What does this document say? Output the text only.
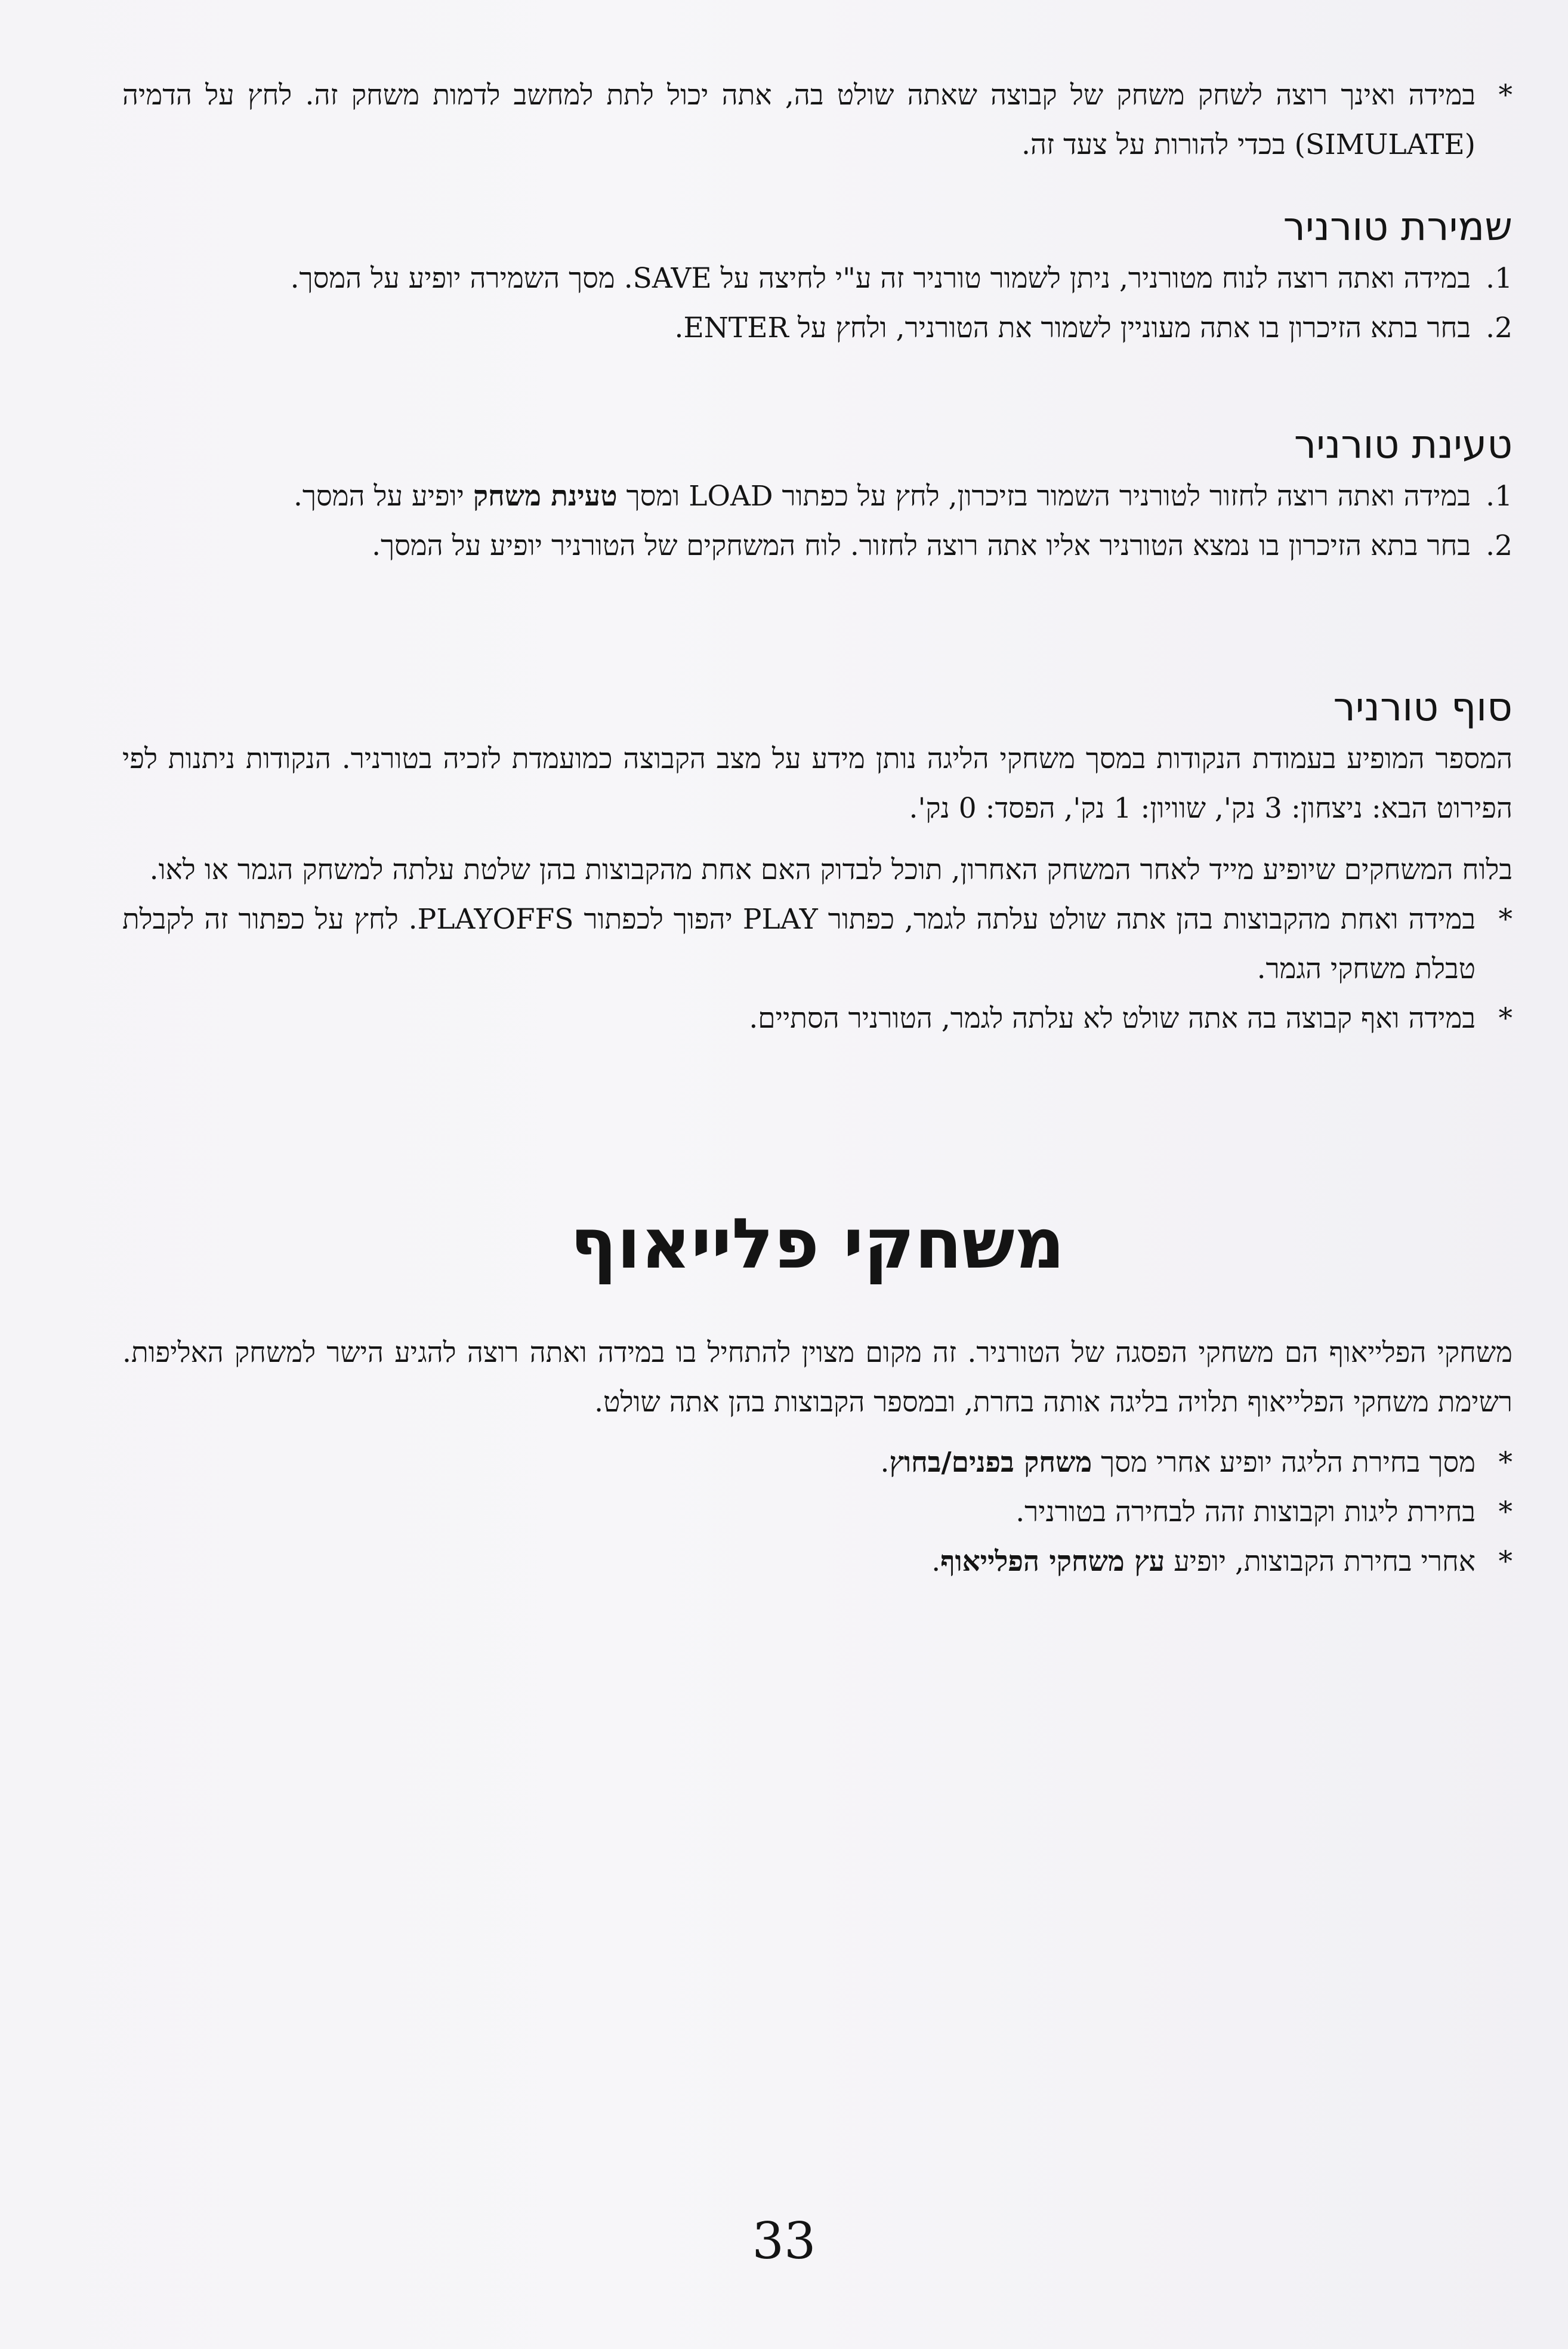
*
במידה ואינך רוצה לשחק משחק של קבוצה שאתה שולט בה, אתה יכול לתת למחשב לדמות משחק זה. לחץ על הדמיה (SIMULATE) בכדי להורות על צעד זה.

שמירת טורניר

1.
במידה ואתה רוצה לנוח מטורניר, ניתן לשמור טורניר זה ע"י לחיצה על SAVE. מסך השמירה יופיע על המסך.

2.
בחר בתא הזיכרון בו אתה מעוניין לשמור את הטורניר, ולחץ על ENTER.

טעינת טורניר

1.
במידה ואתה רוצה לחזור לטורניר השמור בזיכרון, לחץ על כפתור LOAD ומסך טעינת משחק יופיע על המסך.

2.
בחר בתא הזיכרון בו נמצא הטורניר אליו אתה רוצה לחזור. לוח המשחקים של הטורניר יופיע על המסך.

סוף טורניר

המספר המופיע בעמודת הנקודות במסך משחקי הליגה נותן מידע על מצב הקבוצה כמועמדת לזכיה בטורניר. הנקודות ניתנות לפי הפירוט הבא: ניצחון: 3 נק', שוויון: 1 נק', הפסד: 0 נק'.

בלוח המשחקים שיופיע מייד לאחר המשחק האחרון, תוכל לבדוק האם אחת מהקבוצות בהן שלטת עלתה למשחק הגמר או לאו.

*
במידה ואחת מהקבוצות בהן אתה שולט עלתה לגמר, כפתור PLAY יהפוך לכפתור PLAYOFFS. לחץ על כפתור זה לקבלת טבלת משחקי הגמר.

*
במידה ואף קבוצה בה אתה שולט לא עלתה לגמר, הטורניר הסתיים.

משחקי פלייאוף

משחקי הפלייאוף הם משחקי הפסגה של הטורניר. זה מקום מצוין להתחיל בו במידה ואתה רוצה להגיע הישר למשחק האליפות. רשימת משחקי הפלייאוף תלויה בליגה אותה בחרת, ובמספר הקבוצות בהן אתה שולט.

*
מסך בחירת הליגה יופיע אחרי מסך משחק בפנים/בחוץ.

*
בחירת ליגות וקבוצות זהה לבחירה בטורניר.

*
אחרי בחירת הקבוצות, יופיע עץ משחקי הפלייאוף.

33
